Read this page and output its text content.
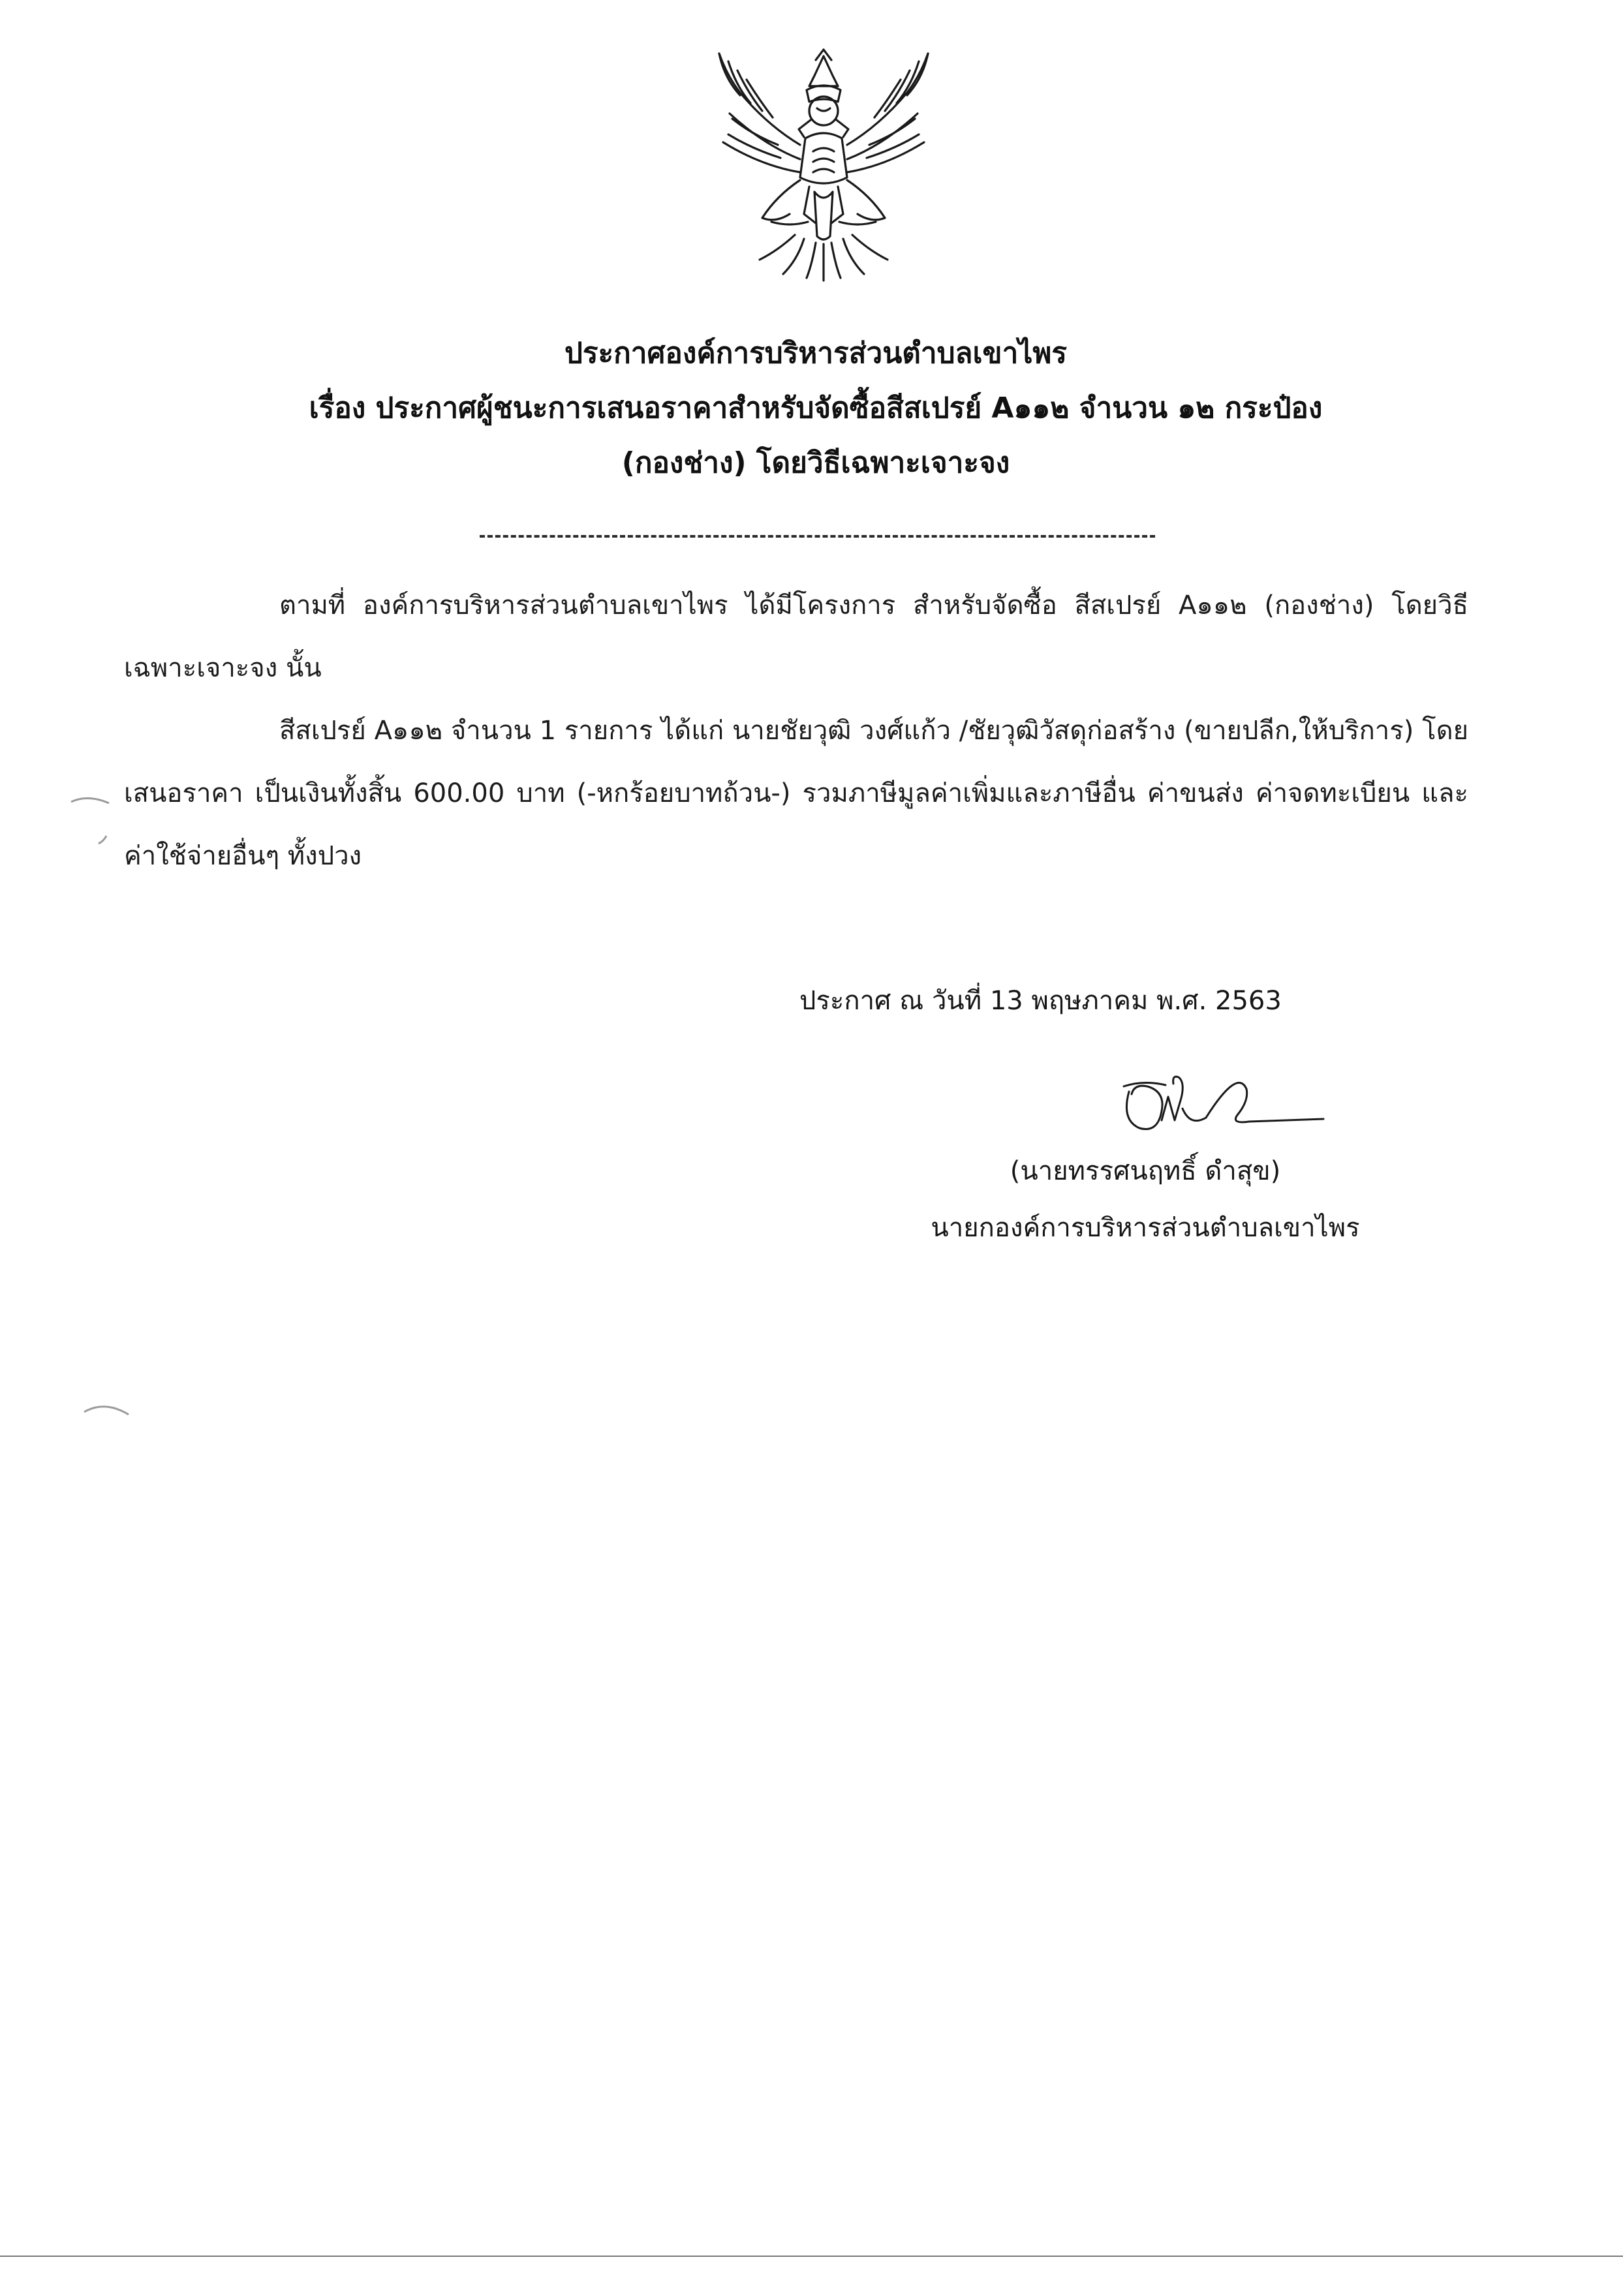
ประกาศองค์การบริหารส่วนตำบลเขาไพร
เรื่อง ประกาศผู้ชนะการเสนอราคาสำหรับจัดซื้อสีสเปรย์ A๑๑๒ จำนวน ๑๒ กระป๋อง
(กองช่าง) โดยวิธีเฉพาะเจาะจง

ตามที่ องค์การบริหารส่วนตำบลเขาไพร ได้มีโครงการ สำหรับจัดซื้อ สีสเปรย์ A๑๑๒ (กองช่าง) โดยวิธีเฉพาะเจาะจง นั้น

สีสเปรย์ A๑๑๒ จำนวน 1 รายการ ได้แก่ นายชัยวุฒิ วงศ์แก้ว /ชัยวุฒิวัสดุก่อสร้าง (ขายปลีก,ให้บริการ) โดยเสนอราคา เป็นเงินทั้งสิ้น 600.00 บาท (-หกร้อยบาทถ้วน-) รวมภาษีมูลค่าเพิ่มและภาษีอื่น ค่าขนส่ง ค่าจดทะเบียน และค่าใช้จ่ายอื่นๆ ทั้งปวง

ประกาศ ณ วันที่ 13 พฤษภาคม พ.ศ. 2563
(นายทรรศนฤทธิ์ ดำสุข)
นายกองค์การบริหารส่วนตำบลเขาไพร
